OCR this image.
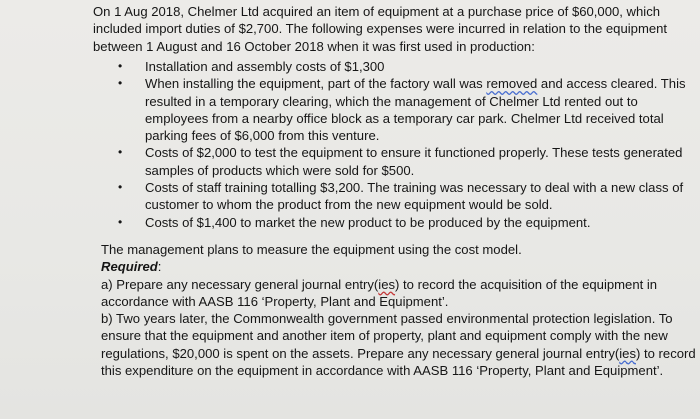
On 1 Aug 2018, Chelmer Ltd acquired an item of equipment at a purchase price of $60,000, which included import duties of $2,700. The following expenses were incurred in relation to the equipment between 1 August and 16 October 2018 when it was first used in production:

• Installation and assembly costs of $1,300
• When installing the equipment, part of the factory wall was removed and access cleared. This resulted in a temporary clearing, which the management of Chelmer Ltd rented out to employees from a nearby office block as a temporary car park. Chelmer Ltd received total parking fees of $6,000 from this venture.
• Costs of $2,000 to test the equipment to ensure it functioned properly. These tests generated samples of products which were sold for $500.
• Costs of staff training totalling $3,200. The training was necessary to deal with a new class of customer to whom the product from the new equipment would be sold.
• Costs of $1,400 to market the new product to be produced by the equipment.

The management plans to measure the equipment using the cost model.

Required:

a) Prepare any necessary general journal entry(ies) to record the acquisition of the equipment in accordance with AASB 116 ‘Property, Plant and Equipment’.

b) Two years later, the Commonwealth government passed environmental protection legislation. To ensure that the equipment and another item of property, plant and equipment comply with the new regulations, $20,000 is spent on the assets. Prepare any necessary general journal entry(ies) to record this expenditure on the equipment in accordance with AASB 116 ‘Property, Plant and Equipment’.
